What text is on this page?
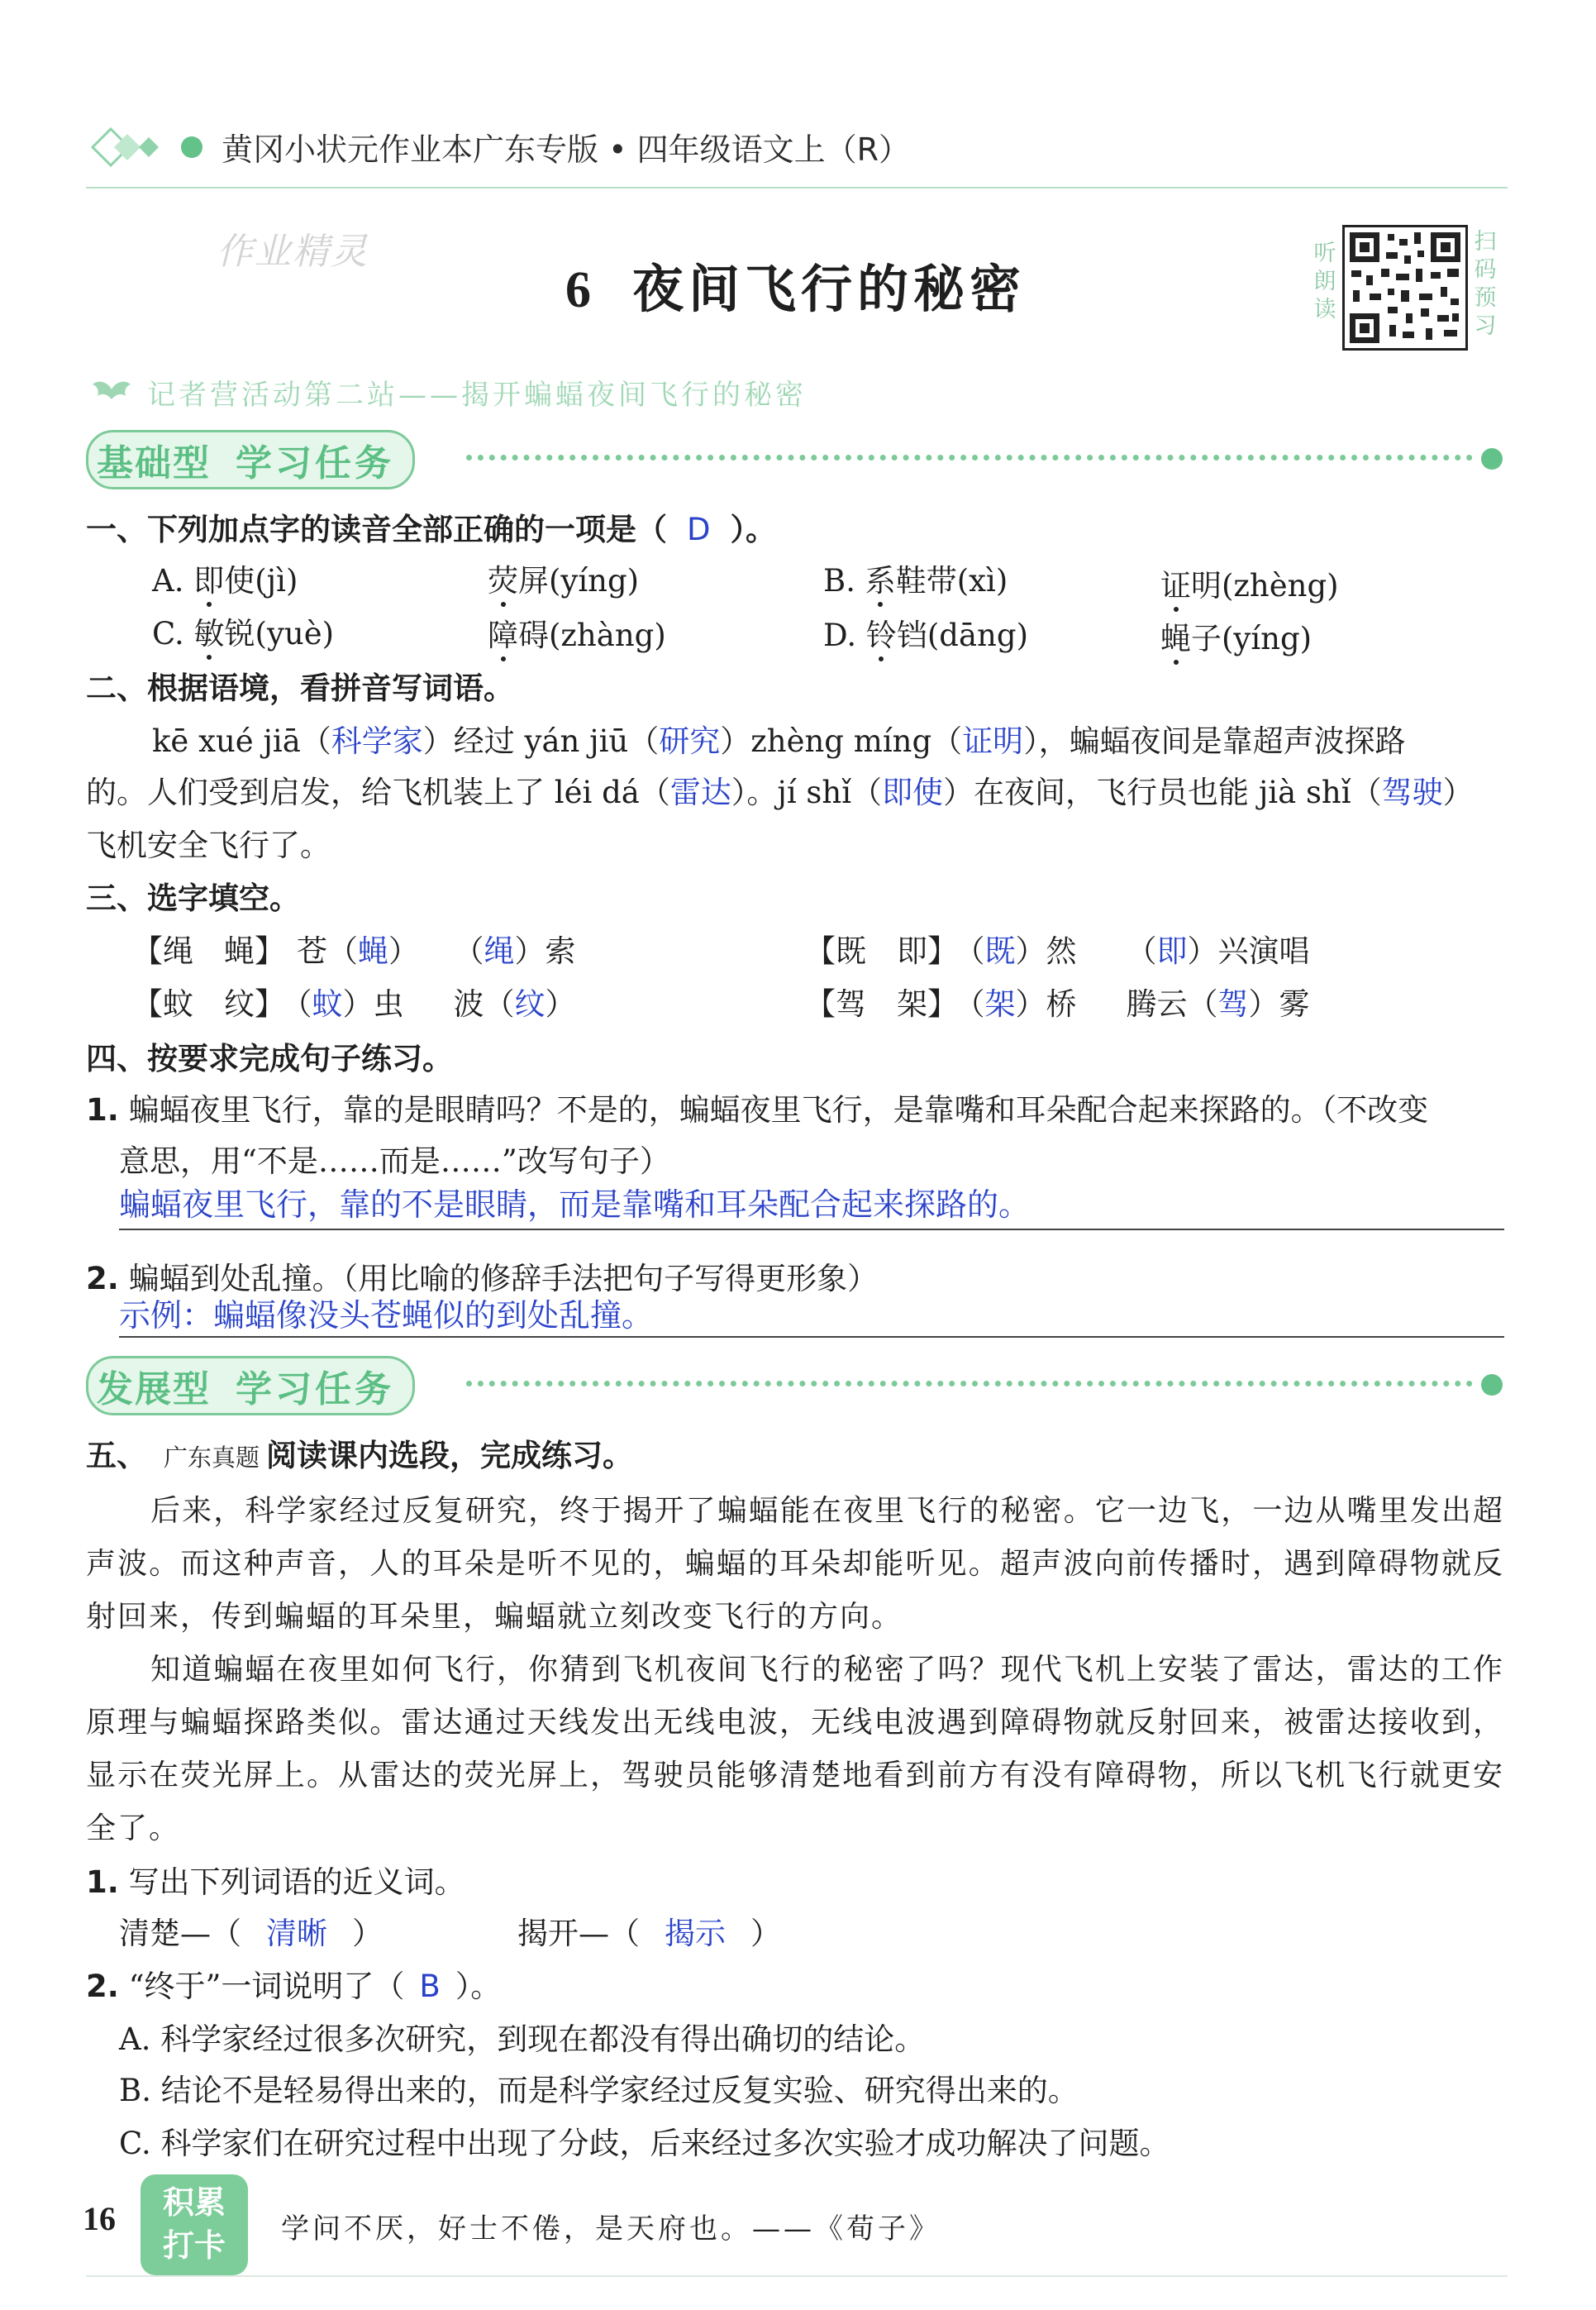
黄冈小状元作业本广东专版 • 四年级语文上（R）
作业精灵
6 夜间飞行的秘密
听朗读
扫码预习
记者营活动第二站——揭开蝙蝠夜间飞行的秘密
基础型 学习任务
一、下列加点字的读音全部正确的一项是（ D ）。
A. 即使(jì)	荧屏(yíng)	B. 系鞋带(xì)	证明(zhèng)
C. 敏锐(yuè)	障碍(zhàng)	D. 铃铛(dāng)	蝇子(yíng)
二、根据语境，看拼音写词语。
kē xué jiā（科学家）经过 yán jiū（研究）zhèng míng（证明），蝙蝠夜间是靠超声波探路
的。人们受到启发，给飞机装上了 léi dá（雷达）。jí shǐ（即使）在夜间，飞行员也能 jià shǐ（驾驶）
飞机安全飞行了。
三、选字填空。
【绳　蝇】 苍（蝇） （绳）索	【既　即】 （既）然 （即）兴演唱
【蚊　纹】 （蚊）虫 波（纹）	【驾　架】 （架）桥 腾云（驾）雾
四、按要求完成句子练习。
1. 蝙蝠夜里飞行，靠的是眼睛吗？不是的，蝙蝠夜里飞行，是靠嘴和耳朵配合起来探路的。（不改变
意思，用“不是……而是……”改写句子）
蝙蝠夜里飞行，靠的不是眼睛，而是靠嘴和耳朵配合起来探路的。
2. 蝙蝠到处乱撞。（用比喻的修辞手法把句子写得更形象）
示例：蝙蝠像没头苍蝇似的到处乱撞。
发展型 学习任务
五、 广东真题 阅读课内选段，完成练习。
后来，科学家经过反复研究，终于揭开了蝙蝠能在夜里飞行的秘密。它一边飞，一边从嘴里发出超声波。而这种声音，人的耳朵是听不见的，蝙蝠的耳朵却能听见。超声波向前传播时，遇到障碍物就反射回来，传到蝙蝠的耳朵里，蝙蝠就立刻改变飞行的方向。
知道蝙蝠在夜里如何飞行，你猜到飞机夜间飞行的秘密了吗？现代飞机上安装了雷达，雷达的工作原理与蝙蝠探路类似。雷达通过天线发出无线电波，无线电波遇到障碍物就反射回来，被雷达接收到，显示在荧光屏上。从雷达的荧光屏上，驾驶员能够清楚地看到前方有没有障碍物，所以飞机飞行就更安全了。
1. 写出下列词语的近义词。
清楚—（ 清晰 ）	揭开—（ 揭示 ）
2. “终于”一词说明了（ B ）。
A. 科学家经过很多次研究，到现在都没有得出确切的结论。
B. 结论不是轻易得出来的，而是科学家经过反复实验、研究得出来的。
C. 科学家们在研究过程中出现了分歧，后来经过多次实验才成功解决了问题。
16	积累
打卡	学问不厌，好士不倦，是天府也。——《荀子》
